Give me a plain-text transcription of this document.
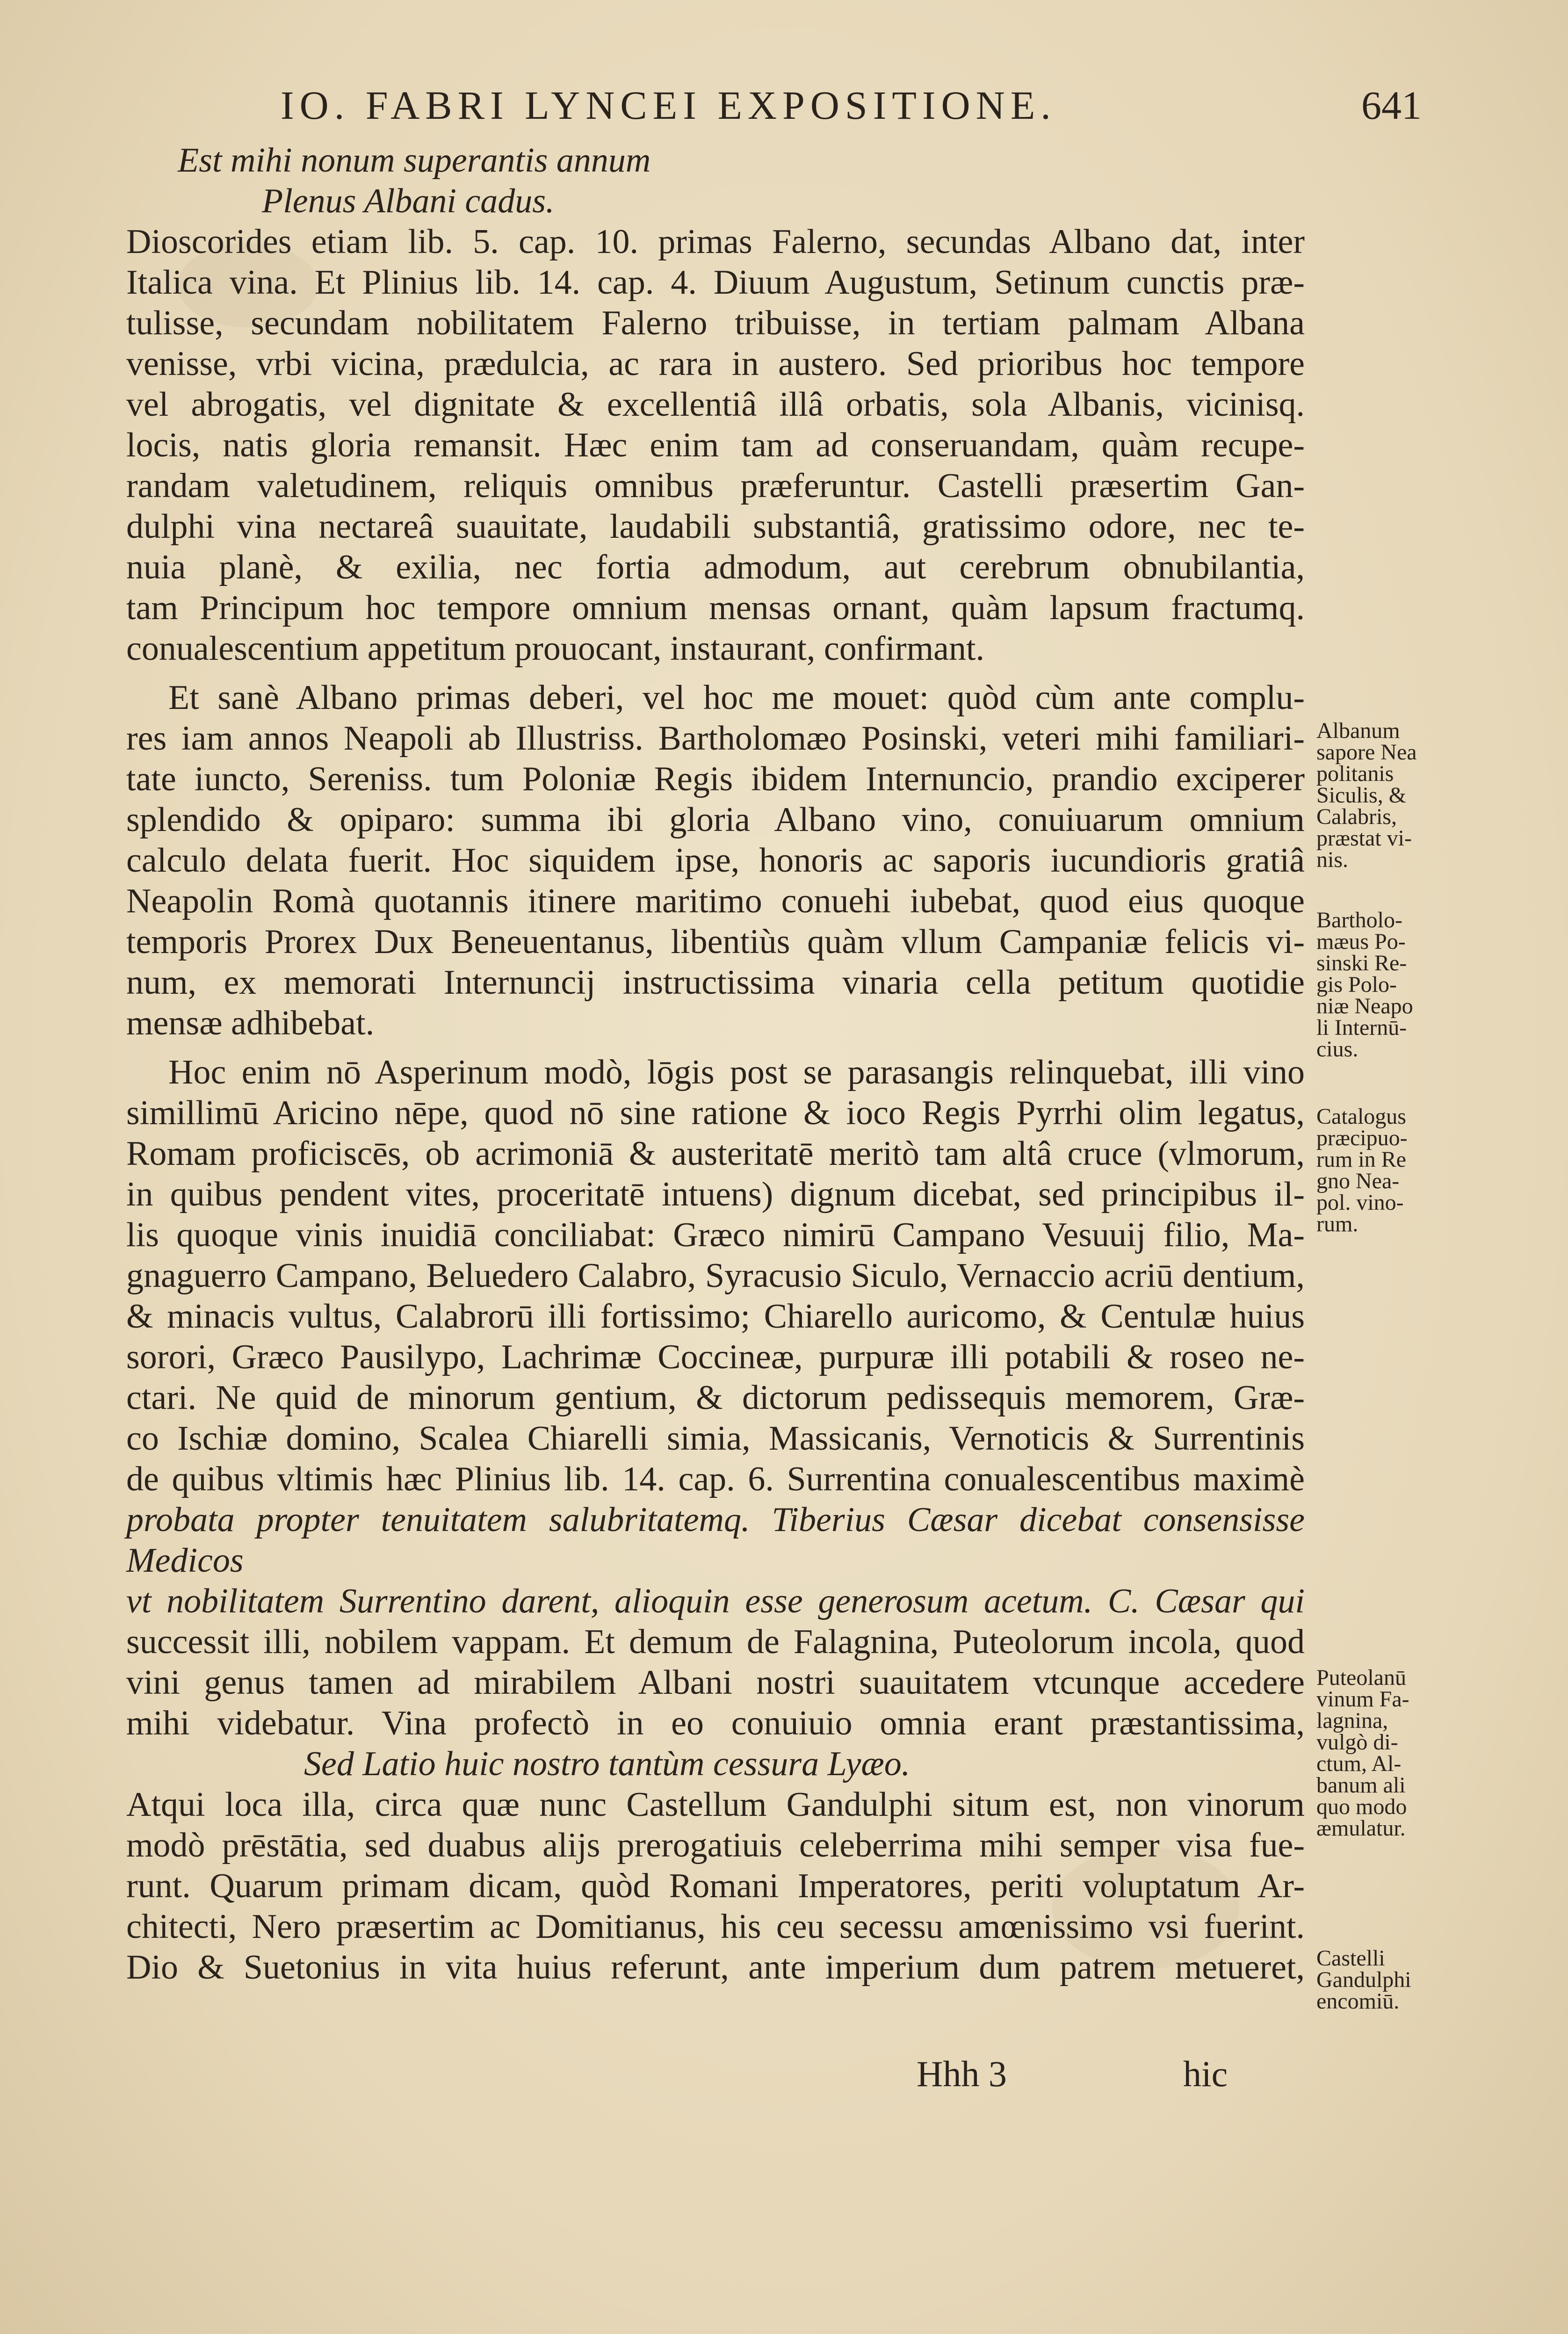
IO. FABRI LYNCEI EXPOSITIONE.	641
Est mihi nonum superantis annum
Plenus Albani cadus.
Dioscorides etiam lib. 5. cap. 10. primas Falerno, secundas Albano dat, inter
Italica vina. Et Plinius lib. 14. cap. 4. Diuum Augustum, Setinum cunctis præ-
tulisse, secundam nobilitatem Falerno tribuisse, in tertiam palmam Albana
venisse, vrbi vicina, prædulcia, ac rara in austero. Sed prioribus hoc tempore
vel abrogatis, vel dignitate & excellentiâ illâ orbatis, sola Albanis, vicinisq.
locis, natis gloria remansit. Hæc enim tam ad conseruandam, quàm recupe-
randam valetudinem, reliquis omnibus præferuntur. Castelli præsertim Gan-
dulphi vina nectareâ suauitate, laudabili substantiâ, gratissimo odore, nec te-
nuia planè, & exilia, nec fortia admodum, aut cerebrum obnubilantia,
tam Principum hoc tempore omnium mensas ornant, quàm lapsum fractumq.
conualescentium appetitum prouocant, instaurant, confirmant.
Et sanè Albano primas deberi, vel hoc me mouet: quòd cùm ante complu-
res iam annos Neapoli ab Illustriss. Bartholomæo Posinski, veteri mihi familiari-
tate iuncto, Sereniss. tum Poloniæ Regis ibidem Internuncio, prandio exciperer
splendido & opiparo: summa ibi gloria Albano vino, conuiuarum omnium
calculo delata fuerit. Hoc siquidem ipse, honoris ac saporis iucundioris gratiâ
Neapolin Romà quotannis itinere maritimo conuehi iubebat, quod eius quoque
temporis Prorex Dux Beneuentanus, libentiùs quàm vllum Campaniæ felicis vi-
num, ex memorati Internuncij instructissima vinaria cella petitum quotidie
mensæ adhibebat.
Hoc enim nō Asperinum modò, lōgis post se parasangis relinquebat, illi vino
simillimū Aricino nēpe, quod nō sine ratione & ioco Regis Pyrrhi olim legatus,
Romam proficiscēs, ob acrimoniā & austeritatē meritò tam altâ cruce (vlmorum,
in quibus pendent vites, proceritatē intuens) dignum dicebat, sed principibus il-
lis quoque vinis inuidiā conciliabat: Græco nimirū Campano Vesuuij filio, Ma-
gnaguerro Campano, Beluedero Calabro, Syracusio Siculo, Vernaccio acriū dentium,
& minacis vultus, Calabrorū illi fortissimo; Chiarello auricomo, & Centulæ huius
sorori, Græco Pausilypo, Lachrimæ Coccineæ, purpuræ illi potabili & roseo ne-
ctari. Ne quid de minorum gentium, & dictorum pedissequis memorem, Græ-
co Ischiæ domino, Scalea Chiarelli simia, Massicanis, Vernoticis & Surrentinis
de quibus vltimis hæc Plinius lib. 14. cap. 6. Surrentina conualescentibus maximè
probata propter tenuitatem salubritatemq. Tiberius Cæsar dicebat consensisse Medicos
vt nobilitatem Surrentino darent, alioquin esse generosum acetum. C. Cæsar qui
successit illi, nobilem vappam. Et demum de Falagnina, Puteolorum incola, quod
vini genus tamen ad mirabilem Albani nostri suauitatem vtcunque accedere
mihi videbatur. Vina profectò in eo conuiuio omnia erant præstantissima,
Sed Latio huic nostro tantùm cessura Lyæo.
Atqui loca illa, circa quæ nunc Castellum Gandulphi situm est, non vinorum
modò prēstātia, sed duabus alijs prerogatiuis celeberrima mihi semper visa fue-
runt. Quarum primam dicam, quòd Romani Imperatores, periti voluptatum Ar-
chitecti, Nero præsertim ac Domitianus, his ceu secessu amœnissimo vsi fuerint.
Dio & Suetonius in vita huius referunt, ante imperium dum patrem metueret,
Albanum
sapore Nea
politanis
Siculis, &
Calabris,
præstat vi-
nis.
Bartholo-
mæus Po-
sinski Re-
gis Polo-
niæ Neapo
li Internū-
cius.
Catalogus
præcipuo-
rum in Re
gno Nea-
pol. vino-
rum.
Puteolanū
vinum Fa-
lagnina,
vulgò di-
ctum, Al-
banum ali
quo modo
æmulatur.
Castelli
Gandulphi
encomiū.
Hhh 3	hic
